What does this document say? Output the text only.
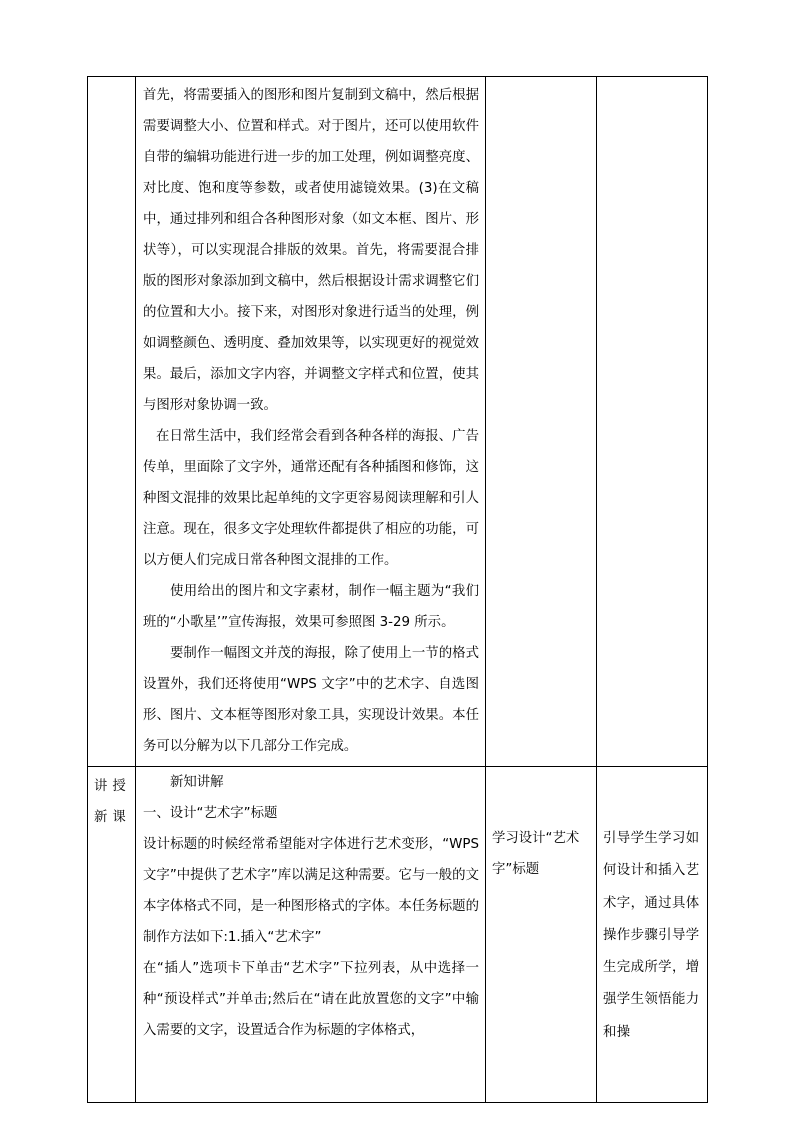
	首先，将需要插入的图形和图片复制到文稿中，然后根据需要调整大小、位置和样式。对于图片，还可以使用软件自带的编辑功能进行进一步的加工处理，例如调整亮度、对比度、饱和度等参数，或者使用滤镜效果。(3)在文稿中，通过排列和组合各种图形对象（如文本框、图片、形状等），可以实现混合排版的效果。首先，将需要混合排版的图形对象添加到文稿中，然后根据设计需求调整它们的位置和大小。接下来，对图形对象进行适当的处理，例如调整颜色、透明度、叠加效果等，以实现更好的视觉效果。最后，添加文字内容，并调整文字样式和位置，使其与图形对象协调一致。

在日常生活中，我们经常会看到各种各样的海报、广告传单，里面除了文字外，通常还配有各种插图和修饰，这种图文混排的效果比起单纯的文字更容易阅读理解和引人注意。现在，很多文字处理软件都提供了相应的功能，可以方便人们完成日常各种图文混排的工作。

使用给出的图片和文字素材，制作一幅主题为“我们班的“小歌星’”宣传海报，效果可参照图 3-29 所示。

要制作一幅图文并茂的海报，除了使用上一节的格式设置外，我们还将使用“WPS 文字”中的艺术字、自选图形、图片、文本框等图形对象工具，实现设计效果。本任务可以分解为以下几部分工作完成。		

讲授新课	新知讲解

一、设计“艺术字”标题

设计标题的时候经常希望能对字体进行艺术变形，“WPS 文字”中提供了艺术字”库以满足这种需要。它与一般的文本字体格式不同，是一种图形格式的字体。本任务标题的制作方法如下:1.插入“艺术字”

在“插人”选项卡下单击“艺术字”下拉列表，从中选择一种“预设样式”并单击;然后在“请在此放置您的文字”中输入需要的文字，设置适合作为标题的字体格式，	学习设计“艺术字”标题	引导学生学习如何设计和插入艺术字，通过具体操作步骤引导学生完成所学，增强学生领悟能力和操
